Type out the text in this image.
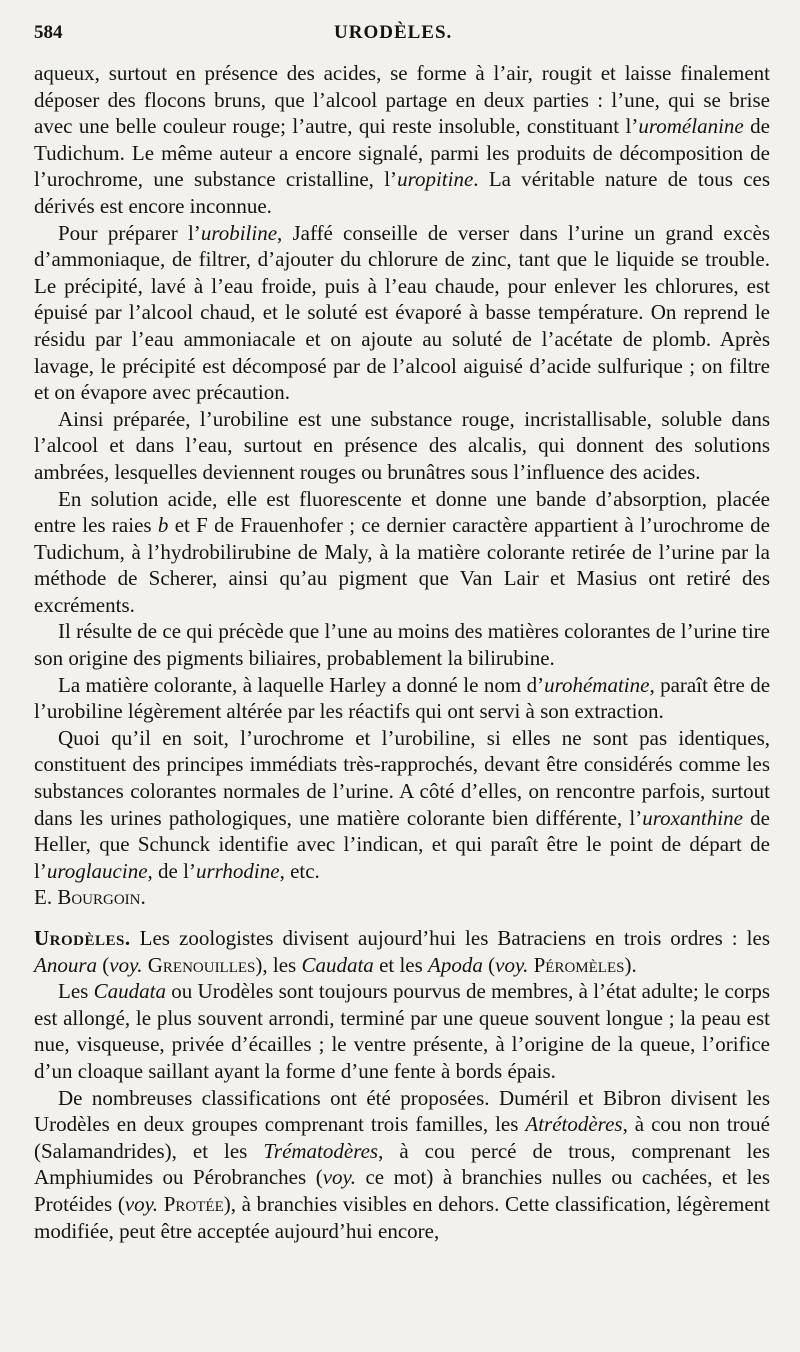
584	URODÈLES.

aqueux, surtout en présence des acides, se forme à l’air, rougit et laisse finalement déposer des flocons bruns, que l’alcool partage en deux parties : l’une, qui se brise avec une belle couleur rouge; l’autre, qui reste insoluble, constituant l’uromélanine de Tudichum. Le même auteur a encore signalé, parmi les produits de décomposition de l’urochrome, une substance cristalline, l’uropitine. La véritable nature de tous ces dérivés est encore inconnue.

Pour préparer l’urobiline, Jaffé conseille de verser dans l’urine un grand excès d’ammoniaque, de filtrer, d’ajouter du chlorure de zinc, tant que le liquide se trouble. Le précipité, lavé à l’eau froide, puis à l’eau chaude, pour enlever les chlorures, est épuisé par l’alcool chaud, et le soluté est évaporé à basse température. On reprend le résidu par l’eau ammoniacale et on ajoute au soluté de l’acétate de plomb. Après lavage, le précipité est décomposé par de l’alcool aiguisé d’acide sulfurique ; on filtre et on évapore avec précaution.

Ainsi préparée, l’urobiline est une substance rouge, incristallisable, soluble dans l’alcool et dans l’eau, surtout en présence des alcalis, qui donnent des solutions ambrées, lesquelles deviennent rouges ou brunâtres sous l’influence des acides.

En solution acide, elle est fluorescente et donne une bande d’absorption, placée entre les raies b et F de Frauenhofer ; ce dernier caractère appartient à l’urochrome de Tudichum, à l’hydrobilirubine de Maly, à la matière colorante retirée de l’urine par la méthode de Scherer, ainsi qu’au pigment que Van Lair et Masius ont retiré des excréments.

Il résulte de ce qui précède que l’une au moins des matières colorantes de l’urine tire son origine des pigments biliaires, probablement la bilirubine.

La matière colorante, à laquelle Harley a donné le nom d’urohématine, paraît être de l’urobiline légèrement altérée par les réactifs qui ont servi à son extraction.

Quoi qu’il en soit, l’urochrome et l’urobiline, si elles ne sont pas identiques, constituent des principes immédiats très-rapprochés, devant être considérés comme les substances colorantes normales de l’urine. A côté d’elles, on rencontre parfois, surtout dans les urines pathologiques, une matière colorante bien différente, l’uroxanthine de Heller, que Schunck identifie avec l’indican, et qui paraît être le point de départ de l’uroglaucine, de l’urrhodine, etc.

E. Bourgoin.

Urodèles. Les zoologistes divisent aujourd’hui les Batraciens en trois ordres : les Anoura (voy. Grenouilles), les Caudata et les Apoda (voy. Péromèles).

Les Caudata ou Urodèles sont toujours pourvus de membres, à l’état adulte; le corps est allongé, le plus souvent arrondi, terminé par une queue souvent longue ; la peau est nue, visqueuse, privée d’écailles ; le ventre présente, à l’origine de la queue, l’orifice d’un cloaque saillant ayant la forme d’une fente à bords épais.

De nombreuses classifications ont été proposées. Duméril et Bibron divisent les Urodèles en deux groupes comprenant trois familles, les Atrétodères, à cou non troué (Salamandrides), et les Trématodères, à cou percé de trous, comprenant les Amphiumides ou Pérobranches (voy. ce mot) à branchies nulles ou cachées, et les Protéides (voy. Protée), à branchies visibles en dehors. Cette classification, légèrement modifiée, peut être acceptée aujourd’hui encore,
